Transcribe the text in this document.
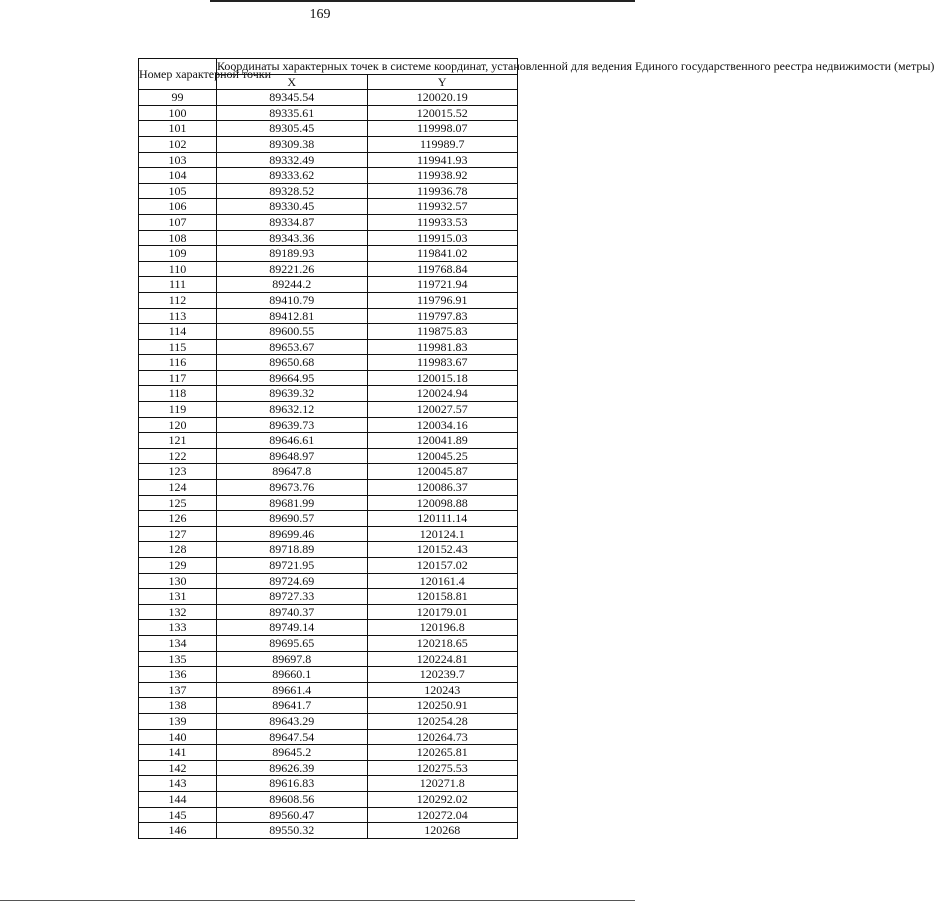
169
Номер характерной точки	Координаты характерных точек в системе координат, установленной для ведения Единого государственного реестра недвижимости (метры)	
	X	Y
99	89345.54	120020.19
100	89335.61	120015.52
101	89305.45	119998.07
102	89309.38	119989.7
103	89332.49	119941.93
104	89333.62	119938.92
105	89328.52	119936.78
106	89330.45	119932.57
107	89334.87	119933.53
108	89343.36	119915.03
109	89189.93	119841.02
110	89221.26	119768.84
111	89244.2	119721.94
112	89410.79	119796.91
113	89412.81	119797.83
114	89600.55	119875.83
115	89653.67	119981.83
116	89650.68	119983.67
117	89664.95	120015.18
118	89639.32	120024.94
119	89632.12	120027.57
120	89639.73	120034.16
121	89646.61	120041.89
122	89648.97	120045.25
123	89647.8	120045.87
124	89673.76	120086.37
125	89681.99	120098.88
126	89690.57	120111.14
127	89699.46	120124.1
128	89718.89	120152.43
129	89721.95	120157.02
130	89724.69	120161.4
131	89727.33	120158.81
132	89740.37	120179.01
133	89749.14	120196.8
134	89695.65	120218.65
135	89697.8	120224.81
136	89660.1	120239.7
137	89661.4	120243
138	89641.7	120250.91
139	89643.29	120254.28
140	89647.54	120264.73
141	89645.2	120265.81
142	89626.39	120275.53
143	89616.83	120271.8
144	89608.56	120292.02
145	89560.47	120272.04
146	89550.32	120268
